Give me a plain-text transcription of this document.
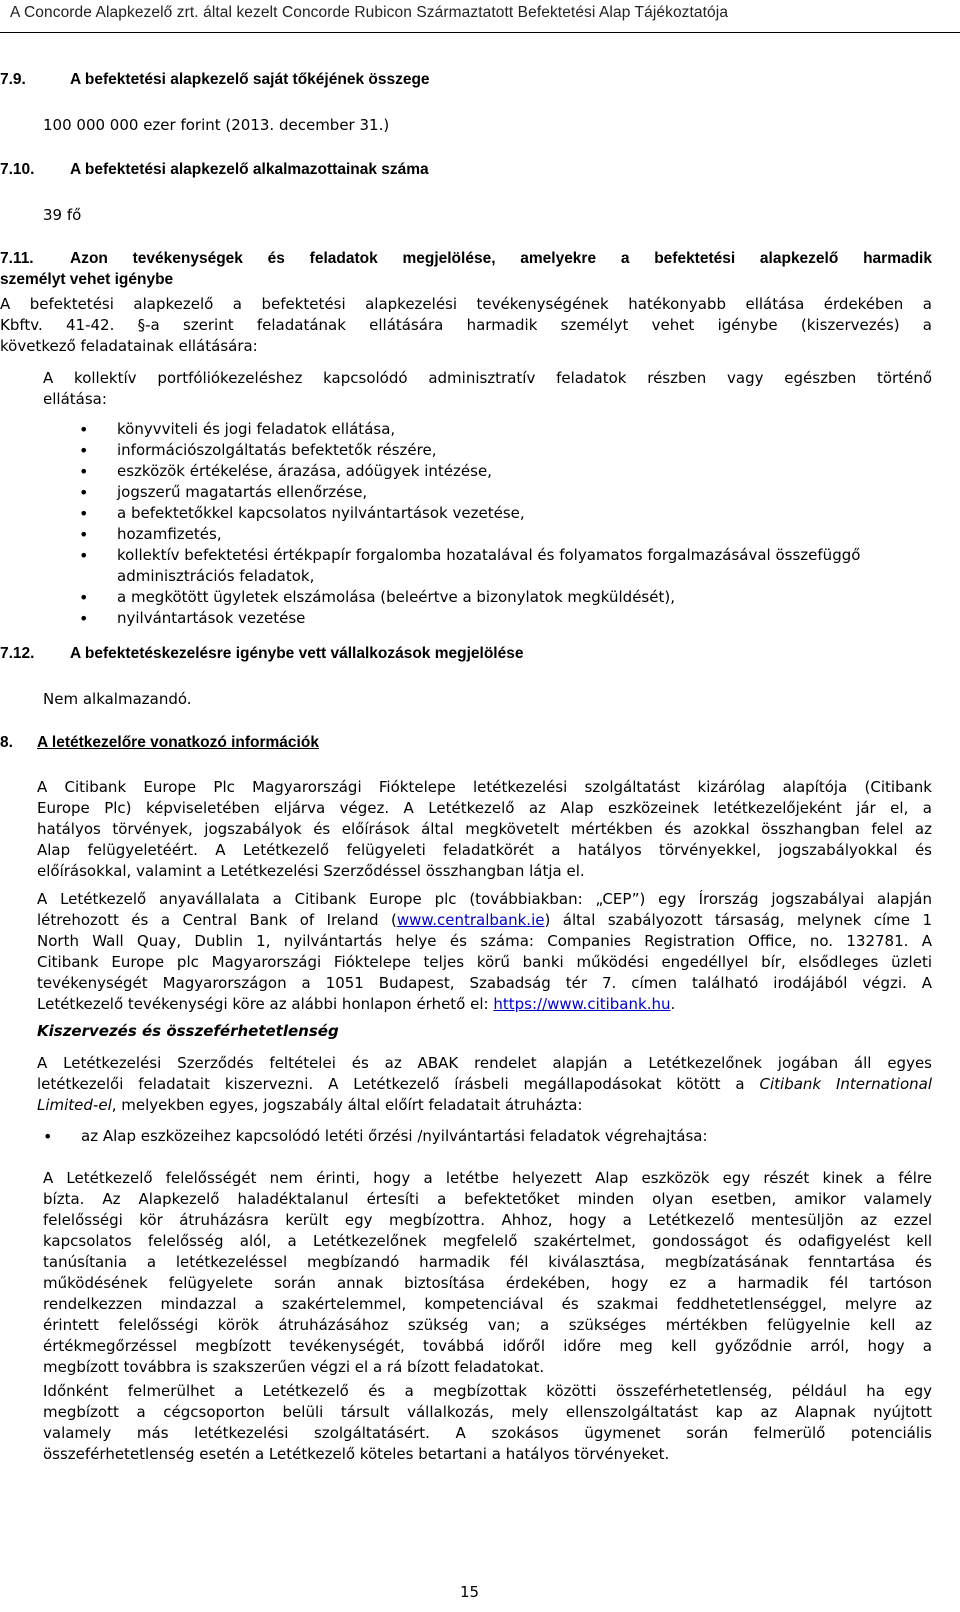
A Concorde Alapkezelő zrt. által kezelt Concorde Rubicon Származtatott Befektetési Alap Tájékoztatója
7.9.	A befektetési alapkezelő saját tőkéjének összege
100 000 000 ezer forint (2013. december 31.)
7.10. A befektetési alapkezelő alkalmazottainak száma
39 fő
7.11. Azon tevékenységek és feladatok megjelölése, amelyekre a befektetési alapkezelő harmadik
személyt vehet igénybe
A befektetési alapkezelő a befektetési alapkezelési tevékenységének hatékonyabb ellátása érdekében a
Kbftv. 41-42. §-a szerint feladatának ellátására harmadik személyt vehet igénybe (kiszervezés) a
következő feladatainak ellátására:
A kollektív portfóliókezeléshez kapcsolódó adminisztratív feladatok részben vagy egészben történő
ellátása:
• könyvviteli és jogi feladatok ellátása,
• információszolgáltatás befektetők részére,
• eszközök értékelése, árazása, adóügyek intézése,
• jogszerű magatartás ellenőrzése,
• a befektetőkkel kapcsolatos nyilvántartások vezetése,
• hozamfizetés,
• kollektív befektetési értékpapír forgalomba hozatalával és folyamatos forgalmazásával összefüggő adminisztrációs feladatok,
• a megkötött ügyletek elszámolása (beleértve a bizonylatok megküldését),
• nyilvántartások vezetése
7.12. A befektetéskezelésre igénybe vett vállalkozások megjelölése
Nem alkalmazandó.
8. A letétkezelőre vonatkozó információk
A Citibank Europe Plc Magyarországi Fióktelepe letétkezelési szolgáltatást kizárólag alapítója (Citibank
Europe Plc) képviseletében eljárva végez. A Letétkezelő az Alap eszközeinek letétkezelőjeként jár el, a
hatályos törvények, jogszabályok és előírások által megkövetelt mértékben és azokkal összhangban felel az
Alap felügyeletéért. A Letétkezelő felügyeleti feladatkörét a hatályos törvényekkel, jogszabályokkal és
előírásokkal, valamint a Letétkezelési Szerződéssel összhangban látja el.
A Letétkezelő anyavállalata a Citibank Europe plc (továbbiakban: „CEP”) egy Írország jogszabályai alapján
létrehozott és a Central Bank of Ireland (www.centralbank.ie) által szabályozott társaság, melynek címe 1
North Wall Quay, Dublin 1, nyilvántartás helye és száma: Companies Registration Office, no. 132781. A
Citibank Europe plc Magyarországi Fióktelepe teljes körű banki működési engedéllyel bír, elsődleges üzleti
tevékenységét Magyarországon a 1051 Budapest, Szabadság tér 7. címen található irodájából végzi. A
Letétkezelő tevékenységi köre az alábbi honlapon érhető el: https://www.citibank.hu.
Kiszervezés és összeférhetetlenség
A Letétkezelési Szerződés feltételei és az ABAK rendelet alapján a Letétkezelőnek jogában áll egyes
letétkezelői feladatait kiszervezni. A Letétkezelő írásbeli megállapodásokat kötött a Citibank International
Limited-el, melyekben egyes, jogszabály által előírt feladatait átruházta:
• az Alap eszközeihez kapcsolódó letéti őrzési /nyilvántartási feladatok végrehajtása:
A Letétkezelő felelősségét nem érinti, hogy a letétbe helyezett Alap eszközök egy részét kinek a félre
bízta. Az Alapkezelő haladéktalanul értesíti a befektetőket minden olyan esetben, amikor valamely
felelősségi kör átruházásra került egy megbízottra. Ahhoz, hogy a Letétkezelő mentesüljön az ezzel
kapcsolatos felelősség alól, a Letétkezelőnek megfelelő szakértelmet, gondosságot és odafigyelést kell
tanúsítania a letétkezeléssel megbízandó harmadik fél kiválasztása, megbízatásának fenntartása és
működésének felügyelete során annak biztosítása érdekében, hogy ez a harmadik fél tartóson
rendelkezzen mindazzal a szakértelemmel, kompetenciával és szakmai feddhetetlenséggel, melyre az
érintett felelősségi körök átruházásához szükség van; a szükséges mértékben felügyelnie kell az
értékmegőrzéssel megbízott tevékenységét, továbbá időről időre meg kell győződnie arról, hogy a
megbízott továbbra is szakszerűen végzi el a rá bízott feladatokat.
Időnként felmerülhet a Letétkezelő és a megbízottak közötti összeférhetetlenség, például ha egy
megbízott a cégcsoporton belüli társult vállalkozás, mely ellenszolgáltatást kap az Alapnak nyújtott
valamely más letétkezelési szolgáltatásért. A szokásos ügymenet során felmerülő potenciális
összeférhetetlenség esetén a Letétkezelő köteles betartani a hatályos törvényeket.
15
